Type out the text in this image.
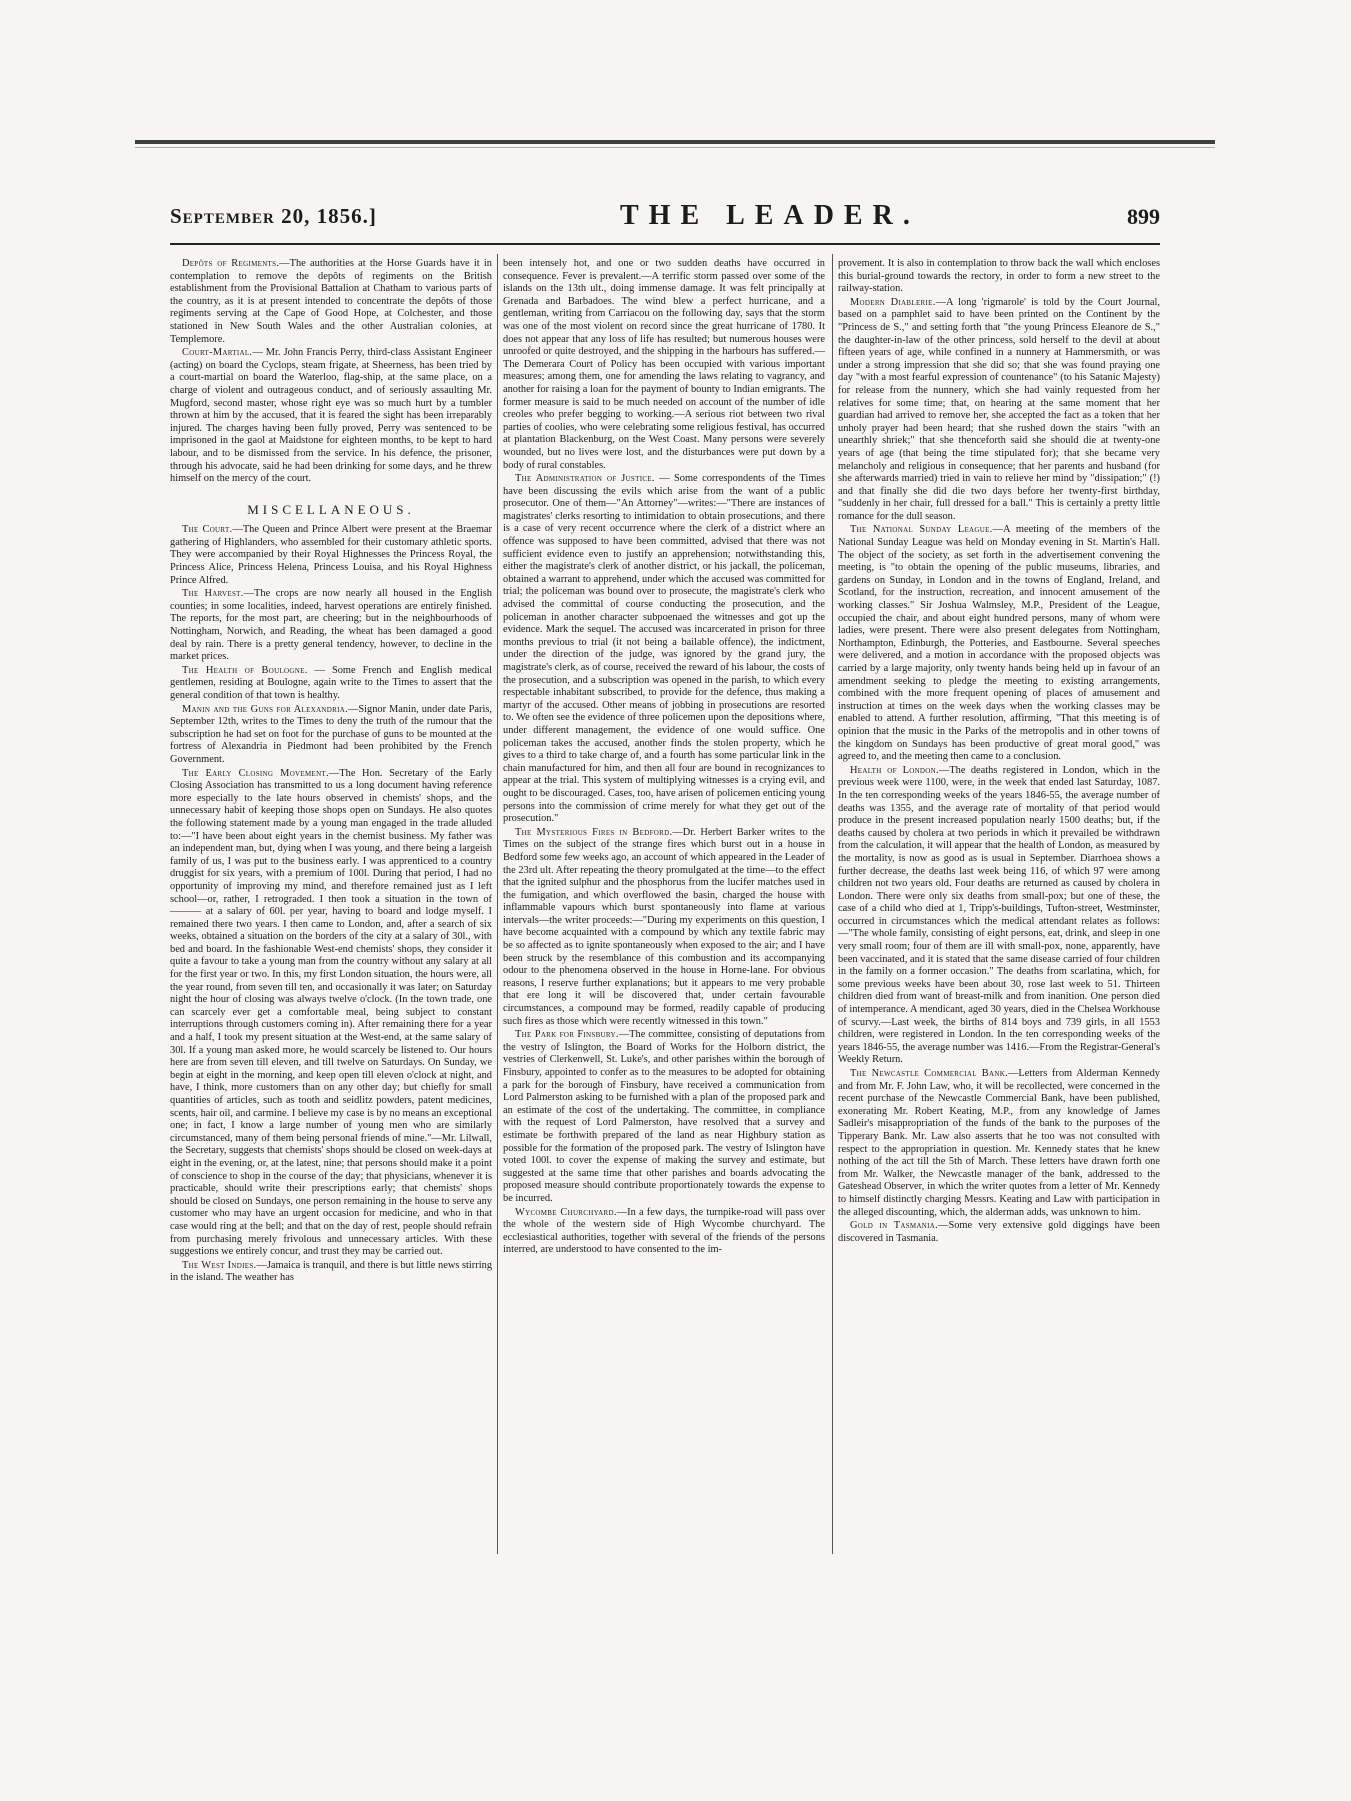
September 20, 1856.]	THE LEADER.	899

Depôts of Regiments.—The authorities at the Horse Guards have it in contemplation to remove the depôts of regiments on the British establishment from the Provisional Battalion at Chatham to various parts of the country, as it is at present intended to concentrate the depôts of those regiments serving at the Cape of Good Hope, at Colchester, and those stationed in New South Wales and the other Australian colonies, at Templemore.

Court-Martial.— Mr. John Francis Perry, third-class Assistant Engineer (acting) on board the Cyclops, steam frigate, at Sheerness, has been tried by a court-martial on board the Waterloo, flag-ship, at the same place, on a charge of violent and outrageous conduct, and of seriously assaulting Mr. Mugford, second master, whose right eye was so much hurt by a tumbler thrown at him by the accused, that it is feared the sight has been irreparably injured. The charges having been fully proved, Perry was sentenced to be imprisoned in the gaol at Maidstone for eighteen months, to be kept to hard labour, and to be dismissed from the service. In his defence, the prisoner, through his advocate, said he had been drinking for some days, and he threw himself on the mercy of the court.

MISCELLANEOUS.

The Court.—The Queen and Prince Albert were present at the Braemar gathering of Highlanders, who assembled for their customary athletic sports. They were accompanied by their Royal Highnesses the Princess Royal, the Princess Alice, Princess Helena, Princess Louisa, and his Royal Highness Prince Alfred.

The Harvest.—The crops are now nearly all housed in the English counties; in some localities, indeed, harvest operations are entirely finished. The reports, for the most part, are cheering; but in the neighbourhoods of Nottingham, Norwich, and Reading, the wheat has been damaged a good deal by rain. There is a pretty general tendency, however, to decline in the market prices.

The Health of Boulogne. — Some French and English medical gentlemen, residing at Boulogne, again write to the Times to assert that the general condition of that town is healthy.

Manin and the Guns for Alexandria.—Signor Manin, under date Paris, September 12th, writes to the Times to deny the truth of the rumour that the subscription he had set on foot for the purchase of guns to be mounted at the fortress of Alexandria in Piedmont had been prohibited by the French Government.

The Early Closing Movement.—The Hon. Secretary of the Early Closing Association has transmitted to us a long document having reference more especially to the late hours observed in chemists' shops, and the unnecessary habit of keeping those shops open on Sundays. He also quotes the following statement made by a young man engaged in the trade alluded to:—"I have been about eight years in the chemist business. My father was an independent man, but, dying when I was young, and there being a largeish family of us, I was put to the business early. I was apprenticed to a country druggist for six years, with a premium of 100l. During that period, I had no opportunity of improving my mind, and therefore remained just as I left school—or, rather, I retrograded. I then took a situation in the town of ——— at a salary of 60l. per year, having to board and lodge myself. I remained there two years. I then came to London, and, after a search of six weeks, obtained a situation on the borders of the city at a salary of 30l., with bed and board. In the fashionable West-end chemists' shops, they consider it quite a favour to take a young man from the country without any salary at all for the first year or two. In this, my first London situation, the hours were, all the year round, from seven till ten, and occasionally it was later; on Saturday night the hour of closing was always twelve o'clock. (In the town trade, one can scarcely ever get a comfortable meal, being subject to constant interruptions through customers coming in). After remaining there for a year and a half, I took my present situation at the West-end, at the same salary of 30l. If a young man asked more, he would scarcely be listened to. Our hours here are from seven till eleven, and till twelve on Saturdays. On Sunday, we begin at eight in the morning, and keep open till eleven o'clock at night, and have, I think, more customers than on any other day; but chiefly for small quantities of articles, such as tooth and seidlitz powders, patent medicines, scents, hair oil, and carmine. I believe my case is by no means an exceptional one; in fact, I know a large number of young men who are similarly circumstanced, many of them being personal friends of mine."—Mr. Lilwall, the Secretary, suggests that chemists' shops should be closed on week-days at eight in the evening, or, at the latest, nine; that persons should make it a point of conscience to shop in the course of the day; that physicians, whenever it is practicable, should write their prescriptions early; that chemists' shops should be closed on Sundays, one person remaining in the house to serve any customer who may have an urgent occasion for medicine, and who in that case would ring at the bell; and that on the day of rest, people should refrain from purchasing merely frivolous and unnecessary articles. With these suggestions we entirely concur, and trust they may be carried out.

The West Indies.—Jamaica is tranquil, and there is but little news stirring in the island. The weather has

been intensely hot, and one or two sudden deaths have occurred in consequence. Fever is prevalent.—A terrific storm passed over some of the islands on the 13th ult., doing immense damage. It was felt principally at Grenada and Barbadoes. The wind blew a perfect hurricane, and a gentleman, writing from Carriacou on the following day, says that the storm was one of the most violent on record since the great hurricane of 1780. It does not appear that any loss of life has resulted; but numerous houses were unroofed or quite destroyed, and the shipping in the harbours has suffered.—The Demerara Court of Policy has been occupied with various important measures; among them, one for amending the laws relating to vagrancy, and another for raising a loan for the payment of bounty to Indian emigrants. The former measure is said to be much needed on account of the number of idle creoles who prefer begging to working.—A serious riot between two rival parties of coolies, who were celebrating some religious festival, has occurred at plantation Blackenburg, on the West Coast. Many persons were severely wounded, but no lives were lost, and the disturbances were put down by a body of rural constables.

The Administration of Justice. — Some correspondents of the Times have been discussing the evils which arise from the want of a public prosecutor. One of them—"An Attorney"—writes:—"There are instances of magistrates' clerks resorting to intimidation to obtain prosecutions, and there is a case of very recent occurrence where the clerk of a district where an offence was supposed to have been committed, advised that there was not sufficient evidence even to justify an apprehension; notwithstanding this, either the magistrate's clerk of another district, or his jackall, the policeman, obtained a warrant to apprehend, under which the accused was committed for trial; the policeman was bound over to prosecute, the magistrate's clerk who advised the committal of course conducting the prosecution, and the policeman in another character subpoenaed the witnesses and got up the evidence. Mark the sequel. The accused was incarcerated in prison for three months previous to trial (it not being a bailable offence), the indictment, under the direction of the judge, was ignored by the grand jury, the magistrate's clerk, as of course, received the reward of his labour, the costs of the prosecution, and a subscription was opened in the parish, to which every respectable inhabitant subscribed, to provide for the defence, thus making a martyr of the accused. Other means of jobbing in prosecutions are resorted to. We often see the evidence of three policemen upon the depositions where, under different management, the evidence of one would suffice. One policeman takes the accused, another finds the stolen property, which he gives to a third to take charge of, and a fourth has some particular link in the chain manufactured for him, and then all four are bound in recognizances to appear at the trial. This system of multiplying witnesses is a crying evil, and ought to be discouraged. Cases, too, have arisen of policemen enticing young persons into the commission of crime merely for what they get out of the prosecution."

The Mysterious Fires in Bedford.—Dr. Herbert Barker writes to the Times on the subject of the strange fires which burst out in a house in Bedford some few weeks ago, an account of which appeared in the Leader of the 23rd ult. After repeating the theory promulgated at the time—to the effect that the ignited sulphur and the phosphorus from the lucifer matches used in the fumigation, and which overflowed the basin, charged the house with inflammable vapours which burst spontaneously into flame at various intervals—the writer proceeds:—"During my experiments on this question, I have become acquainted with a compound by which any textile fabric may be so affected as to ignite spontaneously when exposed to the air; and I have been struck by the resemblance of this combustion and its accompanying odour to the phenomena observed in the house in Horne-lane. For obvious reasons, I reserve further explanations; but it appears to me very probable that ere long it will be discovered that, under certain favourable circumstances, a compound may be formed, readily capable of producing such fires as those which were recently witnessed in this town."

The Park for Finsbury.—The committee, consisting of deputations from the vestry of Islington, the Board of Works for the Holborn district, the vestries of Clerkenwell, St. Luke's, and other parishes within the borough of Finsbury, appointed to confer as to the measures to be adopted for obtaining a park for the borough of Finsbury, have received a communication from Lord Palmerston asking to be furnished with a plan of the proposed park and an estimate of the cost of the undertaking. The committee, in compliance with the request of Lord Palmerston, have resolved that a survey and estimate be forthwith prepared of the land as near Highbury station as possible for the formation of the proposed park. The vestry of Islington have voted 100l. to cover the expense of making the survey and estimate, but suggested at the same time that other parishes and boards advocating the proposed measure should contribute proportionately towards the expense to be incurred.

Wycombe Churchyard.—In a few days, the turnpike-road will pass over the whole of the western side of High Wycombe churchyard. The ecclesiastical authorities, together with several of the friends of the persons interred, are understood to have consented to the im-

provement. It is also in contemplation to throw back the wall which encloses this burial-ground towards the rectory, in order to form a new street to the railway-station.

Modern Diablerie.—A long 'rigmarole' is told by the Court Journal, based on a pamphlet said to have been printed on the Continent by the "Princess de S.," and setting forth that "the young Princess Eleanore de S.," the daughter-in-law of the other princess, sold herself to the devil at about fifteen years of age, while confined in a nunnery at Hammersmith, or was under a strong impression that she did so; that she was found praying one day "with a most fearful expression of countenance" (to his Satanic Majesty) for release from the nunnery, which she had vainly requested from her relatives for some time; that, on hearing at the same moment that her guardian had arrived to remove her, she accepted the fact as a token that her unholy prayer had been heard; that she rushed down the stairs "with an unearthly shriek;" that she thenceforth said she should die at twenty-one years of age (that being the time stipulated for); that she became very melancholy and religious in consequence; that her parents and husband (for she afterwards married) tried in vain to relieve her mind by "dissipation;" (!) and that finally she did die two days before her twenty-first birthday, "suddenly in her chair, full dressed for a ball." This is certainly a pretty little romance for the dull season.

The National Sunday League.—A meeting of the members of the National Sunday League was held on Monday evening in St. Martin's Hall. The object of the society, as set forth in the advertisement convening the meeting, is "to obtain the opening of the public museums, libraries, and gardens on Sunday, in London and in the towns of England, Ireland, and Scotland, for the instruction, recreation, and innocent amusement of the working classes." Sir Joshua Walmsley, M.P., President of the League, occupied the chair, and about eight hundred persons, many of whom were ladies, were present. There were also present delegates from Nottingham, Northampton, Edinburgh, the Potteries, and Eastbourne. Several speeches were delivered, and a motion in accordance with the proposed objects was carried by a large majority, only twenty hands being held up in favour of an amendment seeking to pledge the meeting to existing arrangements, combined with the more frequent opening of places of amusement and instruction at times on the week days when the working classes may be enabled to attend. A further resolution, affirming, "That this meeting is of opinion that the music in the Parks of the metropolis and in other towns of the kingdom on Sundays has been productive of great moral good," was agreed to, and the meeting then came to a conclusion.

Health of London.—The deaths registered in London, which in the previous week were 1100, were, in the week that ended last Saturday, 1087. In the ten corresponding weeks of the years 1846-55, the average number of deaths was 1355, and the average rate of mortality of that period would produce in the present increased population nearly 1500 deaths; but, if the deaths caused by cholera at two periods in which it prevailed be withdrawn from the calculation, it will appear that the health of London, as measured by the mortality, is now as good as is usual in September. Diarrhoea shows a further decrease, the deaths last week being 116, of which 97 were among children not two years old. Four deaths are returned as caused by cholera in London. There were only six deaths from small-pox; but one of these, the case of a child who died at 1, Tripp's-buildings, Tufton-street, Westminster, occurred in circumstances which the medical attendant relates as follows:—"The whole family, consisting of eight persons, eat, drink, and sleep in one very small room; four of them are ill with small-pox, none, apparently, have been vaccinated, and it is stated that the same disease carried of four children in the family on a former occasion." The deaths from scarlatina, which, for some previous weeks have been about 30, rose last week to 51. Thirteen children died from want of breast-milk and from inanition. One person died of intemperance. A mendicant, aged 30 years, died in the Chelsea Workhouse of scurvy.—Last week, the births of 814 boys and 739 girls, in all 1553 children, were registered in London. In the ten corresponding weeks of the years 1846-55, the average number was 1416.—From the Registrar-General's Weekly Return.

The Newcastle Commercial Bank.—Letters from Alderman Kennedy and from Mr. F. John Law, who, it will be recollected, were concerned in the recent purchase of the Newcastle Commercial Bank, have been published, exonerating Mr. Robert Keating, M.P., from any knowledge of James Sadleir's misappropriation of the funds of the bank to the purposes of the Tipperary Bank. Mr. Law also asserts that he too was not consulted with respect to the appropriation in question. Mr. Kennedy states that he knew nothing of the act till the 5th of March. These letters have drawn forth one from Mr. Walker, the Newcastle manager of the bank, addressed to the Gateshead Observer, in which the writer quotes from a letter of Mr. Kennedy to himself distinctly charging Messrs. Keating and Law with participation in the alleged discounting, which, the alderman adds, was unknown to him.

Gold in Tasmania.—Some very extensive gold diggings have been discovered in Tasmania.
